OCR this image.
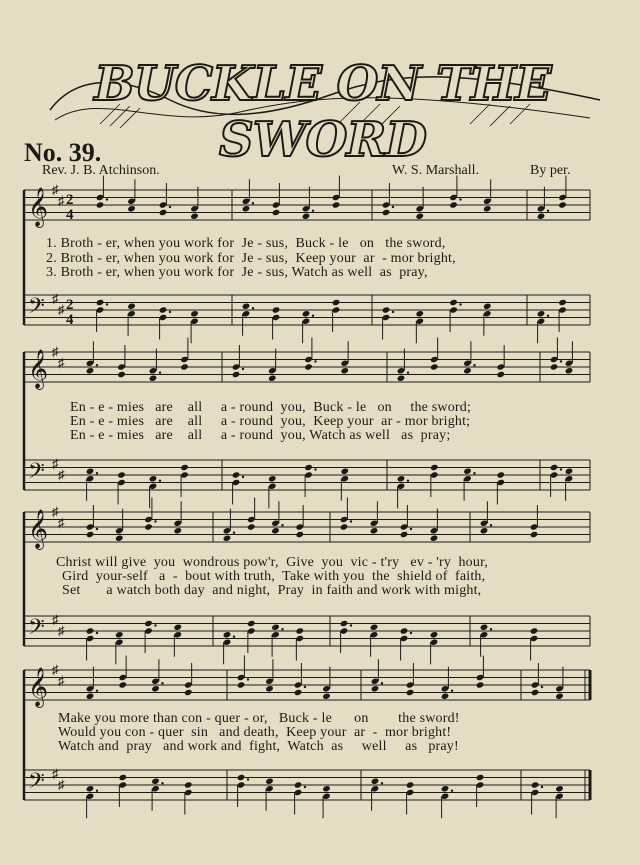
BUCKLE ON THE SWORD
No. 39.
Rev. J. B. Atchinson.	W. S. Marshall.	By per.
1. Broth - er, when you work for  Je - sus,  Buck - le   on   the sword,
2. Broth - er, when you work for  Je - sus,  Keep your  ar  - mor bright,
3. Broth - er, when you work for  Je - sus, Watch as well  as  pray,
En - e - mies   are    all     a - round  you,  Buck - le   on     the sword;
En - e - mies   are    all     a - round  you,  Keep your  ar - mor bright;
En - e - mies   are    all     a - round  you, Watch as well   as  pray;
Christ will give  you  wondrous pow'r,  Give  you  vic - t'ry   ev - 'ry  hour,
Gird  your-self   a  -  bout with truth,  Take with you  the  shield of  faith,
Set       a watch both day  and night,  Pray  in faith and work with might,
Make you more than con - quer - or,   Buck - le      on        the sword!
Would you con - quer  sin   and death,  Keep your  ar  -  mor bright!
Watch and  pray   and work and  fight,  Watch  as     well     as   pray!
𝄞
𝄢
♯
♯
♯
♯
2
4
2
4
𝄞
𝄢
♯
♯
♯
♯
𝄞
𝄢
♯
♯
♯
♯
𝄞
𝄢
♯
♯
♯
♯
